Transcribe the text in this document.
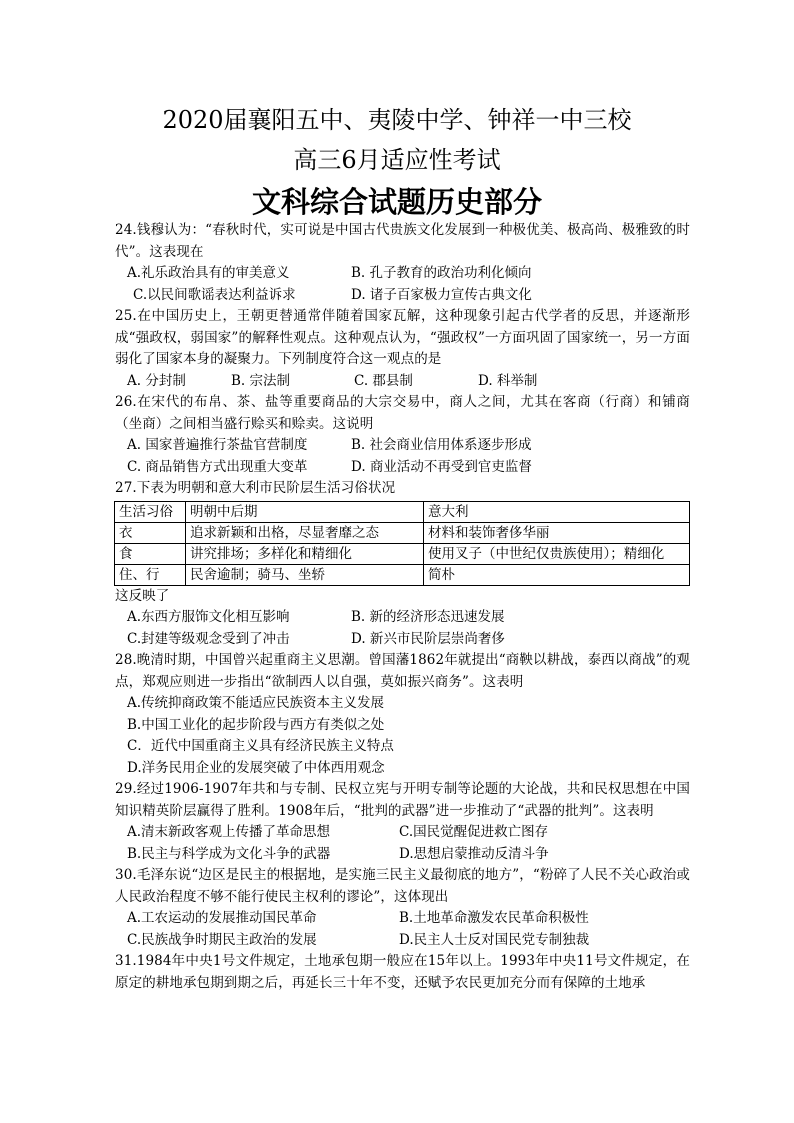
2020届襄阳五中、夷陵中学、钟祥一中三校
高三6月适应性考试
文科综合试题历史部分
24.钱穆认为：“春秋时代，实可说是中国古代贵族文化发展到一种极优美、极高尚、极雅致的时代”。这表现在
A.礼乐政治具有的审美意义	B. 孔子教育的政治功利化倾向
C.以民间歌谣表达利益诉求	D. 诸子百家极力宣传古典文化
25.在中国历史上，王朝更替通常伴随着国家瓦解，这种现象引起古代学者的反思，并逐渐形成“强政权，弱国家”的解释性观点。这种观点认为，“强政权”一方面巩固了国家统一，另一方面弱化了国家本身的凝聚力。下列制度符合这一观点的是
A. 分封制	B. 宗法制	C. 郡县制	D. 科举制
26.在宋代的布帛、茶、盐等重要商品的大宗交易中，商人之间，尤其在客商（行商）和铺商（坐商）之间相当盛行赊买和赊卖。这说明
A. 国家普遍推行茶盐官营制度	B. 社会商业信用体系逐步形成
C. 商品销售方式出现重大变革	D. 商业活动不再受到官吏监督
27.下表为明朝和意大利市民阶层生活习俗状况
生活习俗	明朝中后期	意大利
衣	追求新颖和出格，尽显奢靡之态	材料和装饰奢侈华丽
食	讲究排场；多样化和精细化	使用叉子（中世纪仅贵族使用）；精细化
住、行	民舍逾制；骑马、坐轿	简朴
这反映了
A.东西方服饰文化相互影响	B. 新的经济形态迅速发展
C.封建等级观念受到了冲击	D. 新兴市民阶层崇尚奢侈
28.晚清时期，中国曾兴起重商主义思潮。曾国藩1862年就提出“商鞅以耕战，泰西以商战”的观点，郑观应则进一步指出“欲制西人以自强，莫如振兴商务”。这表明
A.传统抑商政策不能适应民族资本主义发展
B.中国工业化的起步阶段与西方有类似之处
C．近代中国重商主义具有经济民族主义特点
D.洋务民用企业的发展突破了中体西用观念
29.经过1906-1907年共和与专制、民权立宪与开明专制等论题的大论战，共和民权思想在中国知识精英阶层赢得了胜利。1908年后，“批判的武器”进一步推动了“武器的批判”。这表明
A.清末新政客观上传播了革命思想	C.国民觉醒促进救亡图存
B.民主与科学成为文化斗争的武器	D.思想启蒙推动反清斗争
30.毛泽东说“边区是民主的根据地，是实施三民主义最彻底的地方”，“粉碎了人民不关心政治或人民政治程度不够不能行使民主权利的谬论”，这体现出
A.工农运动的发展推动国民革命	B.土地革命激发农民革命积极性
C.民族战争时期民主政治的发展	D.民主人士反对国民党专制独裁
31.1984年中央1号文件规定，土地承包期一般应在15年以上。1993年中央11号文件规定，在原定的耕地承包期到期之后，再延长三十年不变，还赋予农民更加充分而有保障的土地承
